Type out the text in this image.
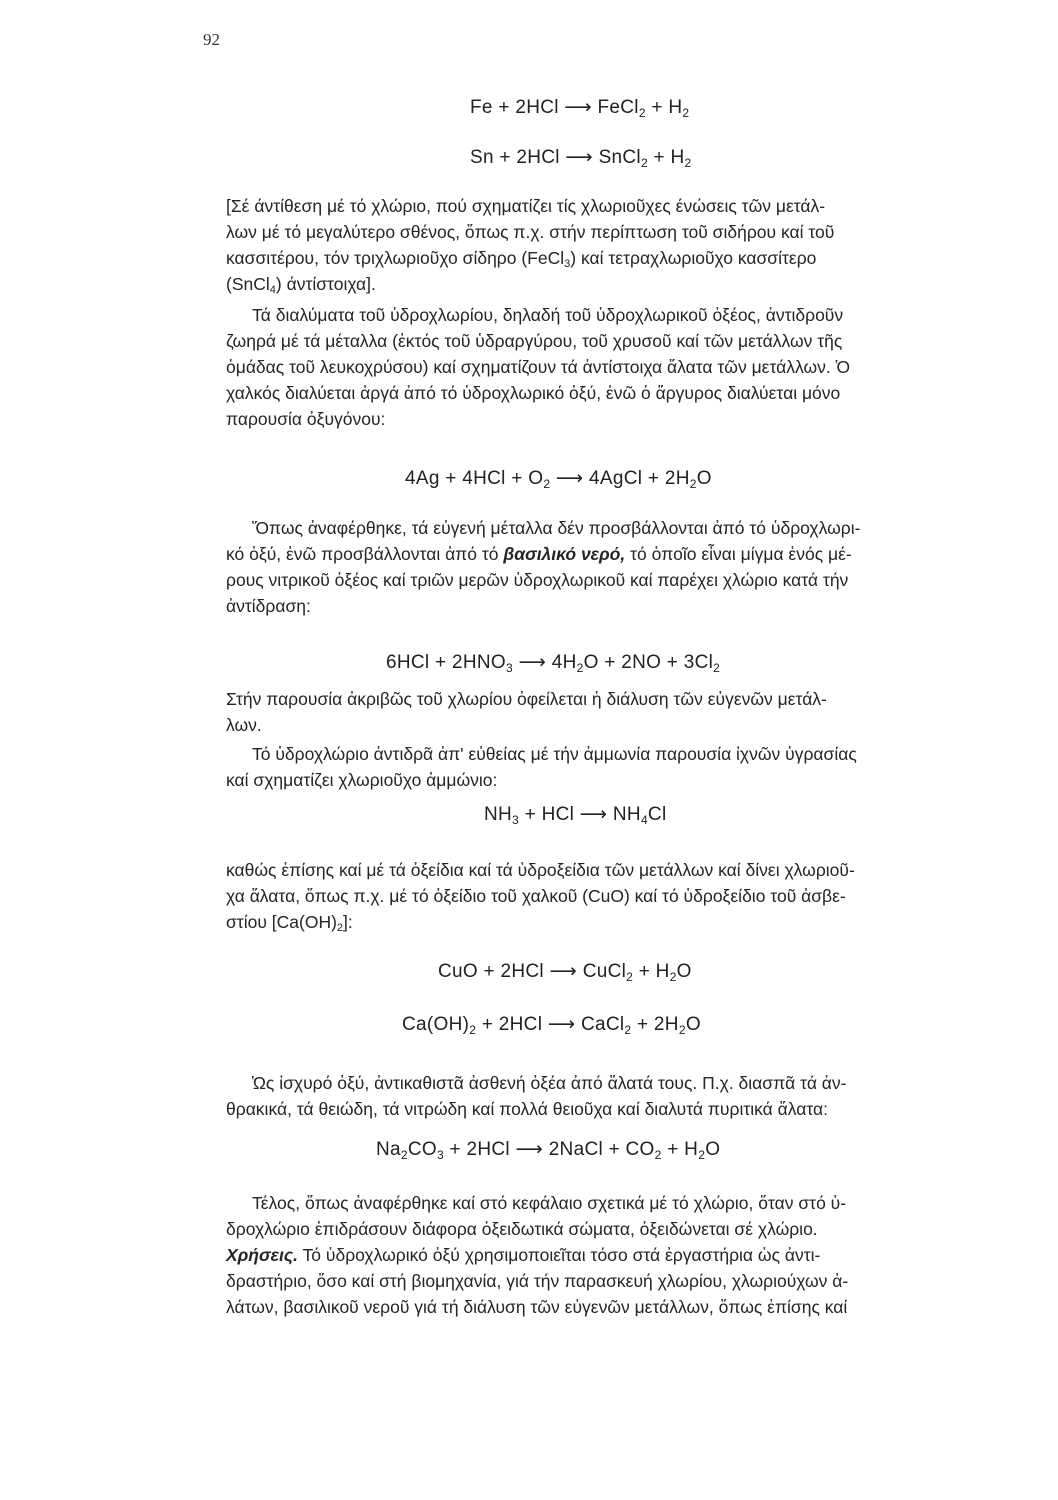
92
Fe + 2HCl ⟶ FeCl$_2$ + $H_2$
Sn + 2HCl ⟶ SnCl$_2$ + $H_2$
[Σέ άντίθεση μέ τό χλώριο, πού σχηματίζει τίς χλωριοῦχες ένώσεις τῶν μετάλ-
λων μέ τό μεγαλύτερο σθένος, ὅπως π.χ. στήν περίπτωση τοῦ σιδήρου καί τοῦ
κασσιτέρου, τόν τριχλωριοῦχο σίδηρο (FeCl$_3$) καί τετραχλωριοῦχο κασσίτερο
(SnCl$_4$) άντίστοιχα].
Τά διαλύματα τοῦ ὑδροχλωρίου, δηλαδή τοῦ ὑδροχλωρικοῦ ὀξέος, ἀντιδροῦν
ζωηρά μέ τά μέταλλα (ἐκτός τοῦ ὑδραργύρου, τοῦ χρυσοῦ καί τῶν μετάλλων τῆς
ὁμάδας τοῦ λευκοχρύσου) καί σχηματίζουν τά ἀντίστοιχα ἅλατα τῶν μετάλλων. Ὁ
χαλκός διαλύεται ἀργά ἀπό τό ὑδροχλωρικό ὀξύ, ἐνῶ ὁ ἄργυρος διαλύεται μόνο
παρουσία ὀξυγόνου:
$4Ag + 4HCl + O_2$ ⟶ 4AgCl + $2H_2O$
Ὅπως ἀναφέρθηκε, τά εὐγενή μέταλλα δέν προσβάλλονται ἀπό τό ὑδροχλωρι-
κό ὀξύ, ἐνῶ προσβάλλονται ἀπό τό βασιλικό νερό, τό ὁποῖο εἶναι μίγμα ἑνός μέ-
ρους νιτρικοῦ ὀξέος καί τριῶν μερῶν ὑδροχλωρικοῦ καί παρέχει χλώριο κατά τήν
ἀντίδραση:
$6HCl + 2HNO_3$ ⟶ $4H_2O + 2NO + 3Cl_2$
Στήν παρουσία ἀκριβῶς τοῦ χλωρίου ὀφείλεται ἡ διάλυση τῶν εὐγενῶν μετάλ-
λων.
Τό ὑδροχλώριο ἀντιδρᾶ ἀπ' εὐθείας μέ τήν ἀμμωνία παρουσία ἰχνῶν ὑγρασίας
καί σχηματίζει χλωριοῦχο ἀμμώνιο:
$NH_3$ + HCl ⟶ $NH_4Cl$
καθώς ἐπίσης καί μέ τά ὀξείδια καί τά ὑδροξείδια τῶν μετάλλων καί δίνει χλωριοῦ-
χα ἅλατα, ὅπως π.χ. μέ τό ὀξείδιο τοῦ χαλκοῦ (CuO) καί τό ὑδροξείδιο τοῦ ἀσβε-
στίου $[Ca(OH)_2]$:
CuO + 2HCl ⟶ CuCl$_2$ + $H_2O$
$Ca(OH)_2 + 2HCl$ ⟶ CaCl$_2$ + $2H_2O$
Ὡς ἰσχυρό ὀξύ, ἀντικαθιστᾶ ἀσθενή ὀξέα ἀπό ἅλατά τους. Π.χ. διασπᾶ τά ἀν-
θρακικά, τά θειώδη, τά νιτρώδη καί πολλά θειοῦχα καί διαλυτά πυριτικά ἅλατα:
$Na_2CO_3 + 2HCl$ ⟶ 2NaCl + $CO_2 + H_2O$
Τέλος, ὅπως ἀναφέρθηκε καί στό κεφάλαιο σχετικά μέ τό χλώριο, ὅταν στό ὑ-
δροχλώριο ἐπιδράσουν διάφορα ὀξειδωτικά σώματα, ὀξειδώνεται σέ χλώριο.
Χρήσεις. Τό ὑδροχλωρικό ὀξύ χρησιμοποιεῖται τόσο στά ἐργαστήρια ὡς ἀντι-
δραστήριο, ὅσο καί στή βιομηχανία, γιά τήν παρασκευή χλωρίου, χλωριούχων ἀ-
λάτων, βασιλικοῦ νεροῦ γιά τή διάλυση τῶν εὐγενῶν μετάλλων, ὅπως ἐπίσης καί
